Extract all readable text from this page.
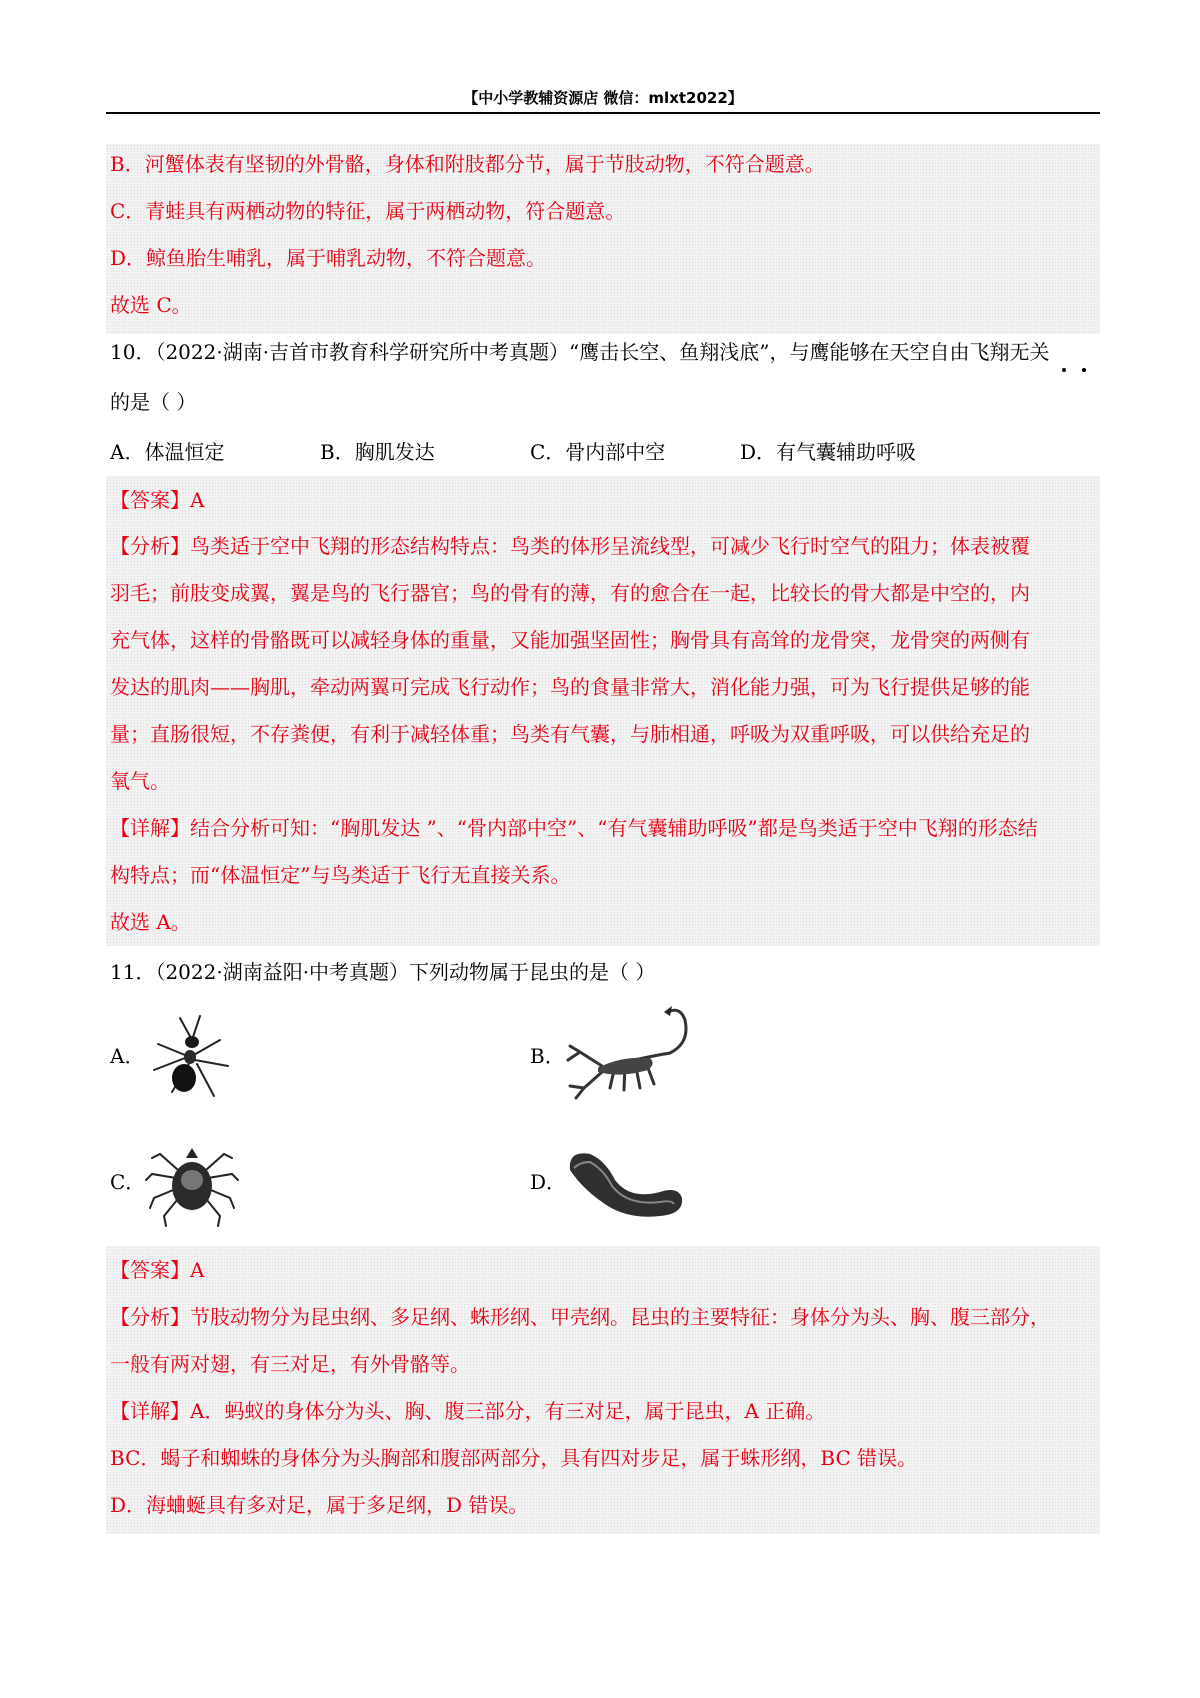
【中小学教辅资源店 微信：mlxt2022】
B．河蟹体表有坚韧的外骨骼，身体和附肢都分节，属于节肢动物，不符合题意。
C．青蛙具有两栖动物的特征，属于两栖动物，符合题意。
D．鲸鱼胎生哺乳，属于哺乳动物，不符合题意。
故选 C。
10．（2022·湖南·吉首市教育科学研究所中考真题）“鹰击长空、鱼翔浅底”，与鹰能够在天空自由飞翔无关
的是（ ）
A．体温恒定	B．胸肌发达	C．骨内部中空	D．有气囊辅助呼吸
【答案】A
【分析】鸟类适于空中飞翔的形态结构特点：鸟类的体形呈流线型，可减少飞行时空气的阻力；体表被覆
羽毛；前肢变成翼，翼是鸟的飞行器官；鸟的骨有的薄，有的愈合在一起，比较长的骨大都是中空的，内
充气体，这样的骨骼既可以减轻身体的重量，又能加强坚固性；胸骨具有高耸的龙骨突，龙骨突的两侧有
发达的肌肉——胸肌，牵动两翼可完成飞行动作；鸟的食量非常大，消化能力强，可为飞行提供足够的能
量；直肠很短，不存粪便，有利于减轻体重；鸟类有气囊，与肺相通，呼吸为双重呼吸，可以供给充足的
氧气。
【详解】结合分析可知：“胸肌发达 ”、“骨内部中空”、“有气囊辅助呼吸”都是鸟类适于空中飞翔的形态结
构特点；而“体温恒定”与鸟类适于飞行无直接关系。
故选 A。
11．（2022·湖南益阳·中考真题）下列动物属于昆虫的是（ ）
A．	B．
C．	D．
【答案】A
【分析】节肢动物分为昆虫纲、多足纲、蛛形纲、甲壳纲。昆虫的主要特征：身体分为头、胸、腹三部分，
一般有两对翅，有三对足，有外骨骼等。
【详解】A．蚂蚁的身体分为头、胸、腹三部分，有三对足，属于昆虫，A 正确。
BC．蝎子和蜘蛛的身体分为头胸部和腹部两部分，具有四对步足，属于蛛形纲，BC 错误。
D．海蛐蜒具有多对足，属于多足纲，D 错误。
